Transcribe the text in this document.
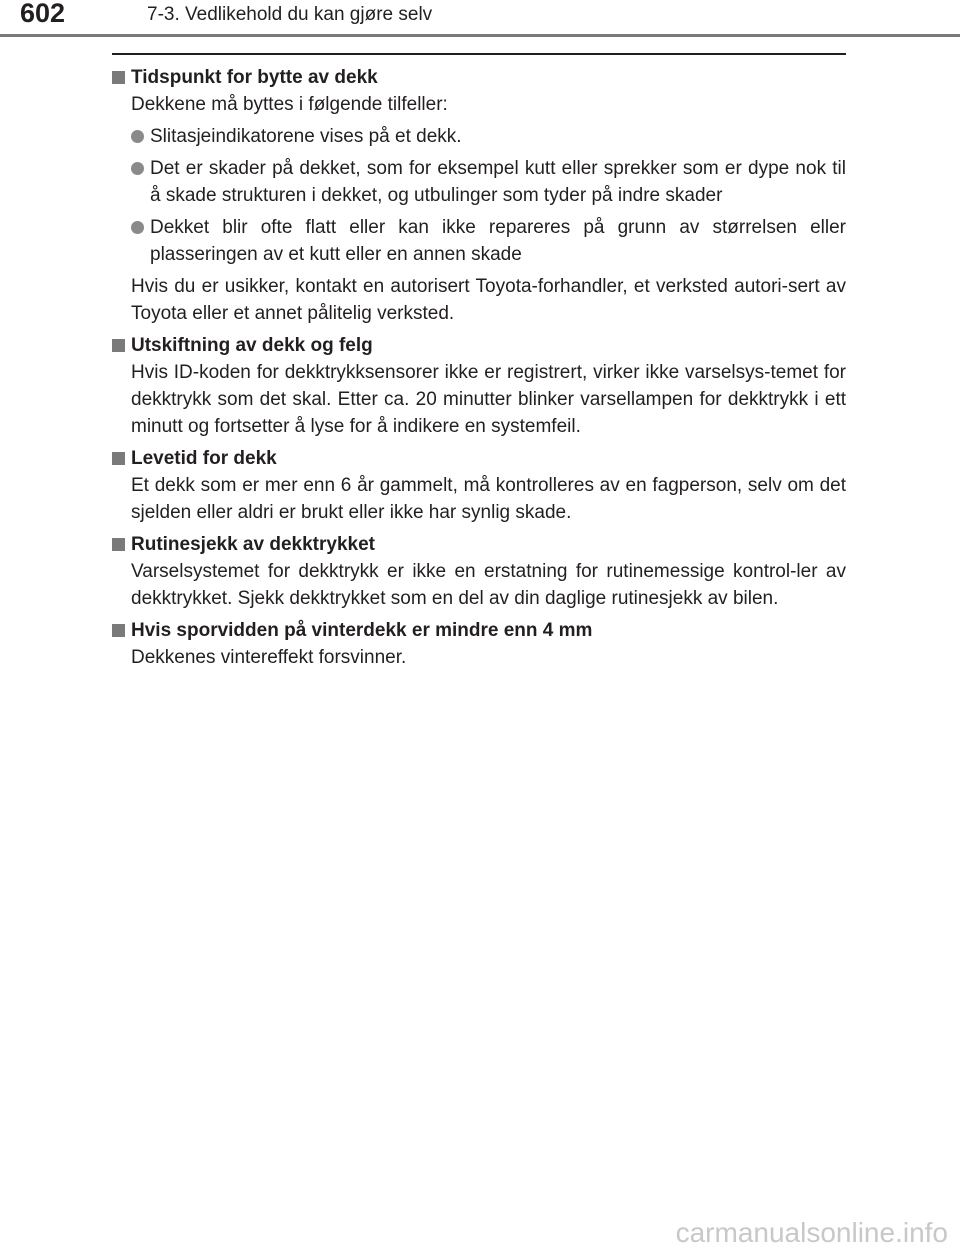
602	7-3. Vedlikehold du kan gjøre selv

Tidspunkt for bytte av dekk

Dekkene må byttes i følgende tilfeller:

Slitasjeindikatorene vises på et dekk.
Det er skader på dekket, som for eksempel kutt eller sprekker som er dype nok til å skade strukturen i dekket, og utbulinger som tyder på indre skader
Dekket blir ofte flatt eller kan ikke repareres på grunn av størrelsen eller plasseringen av et kutt eller en annen skade

Hvis du er usikker, kontakt en autorisert Toyota-forhandler, et verksted autori-sert av Toyota eller et annet pålitelig verksted.

Utskiftning av dekk og felg

Hvis ID-koden for dekktrykksensorer ikke er registrert, virker ikke varselsys-temet for dekktrykk som det skal. Etter ca. 20 minutter blinker varsellampen for dekktrykk i ett minutt og fortsetter å lyse for å indikere en systemfeil.

Levetid for dekk

Et dekk som er mer enn 6 år gammelt, må kontrolleres av en fagperson, selv om det sjelden eller aldri er brukt eller ikke har synlig skade.

Rutinesjekk av dekktrykket

Varselsystemet for dekktrykk er ikke en erstatning for rutinemessige kontrol-ler av dekktrykket. Sjekk dekktrykket som en del av din daglige rutinesjekk av bilen.

Hvis sporvidden på vinterdekk er mindre enn 4 mm

Dekkenes vintereffekt forsvinner.

carmanualsonline.info
